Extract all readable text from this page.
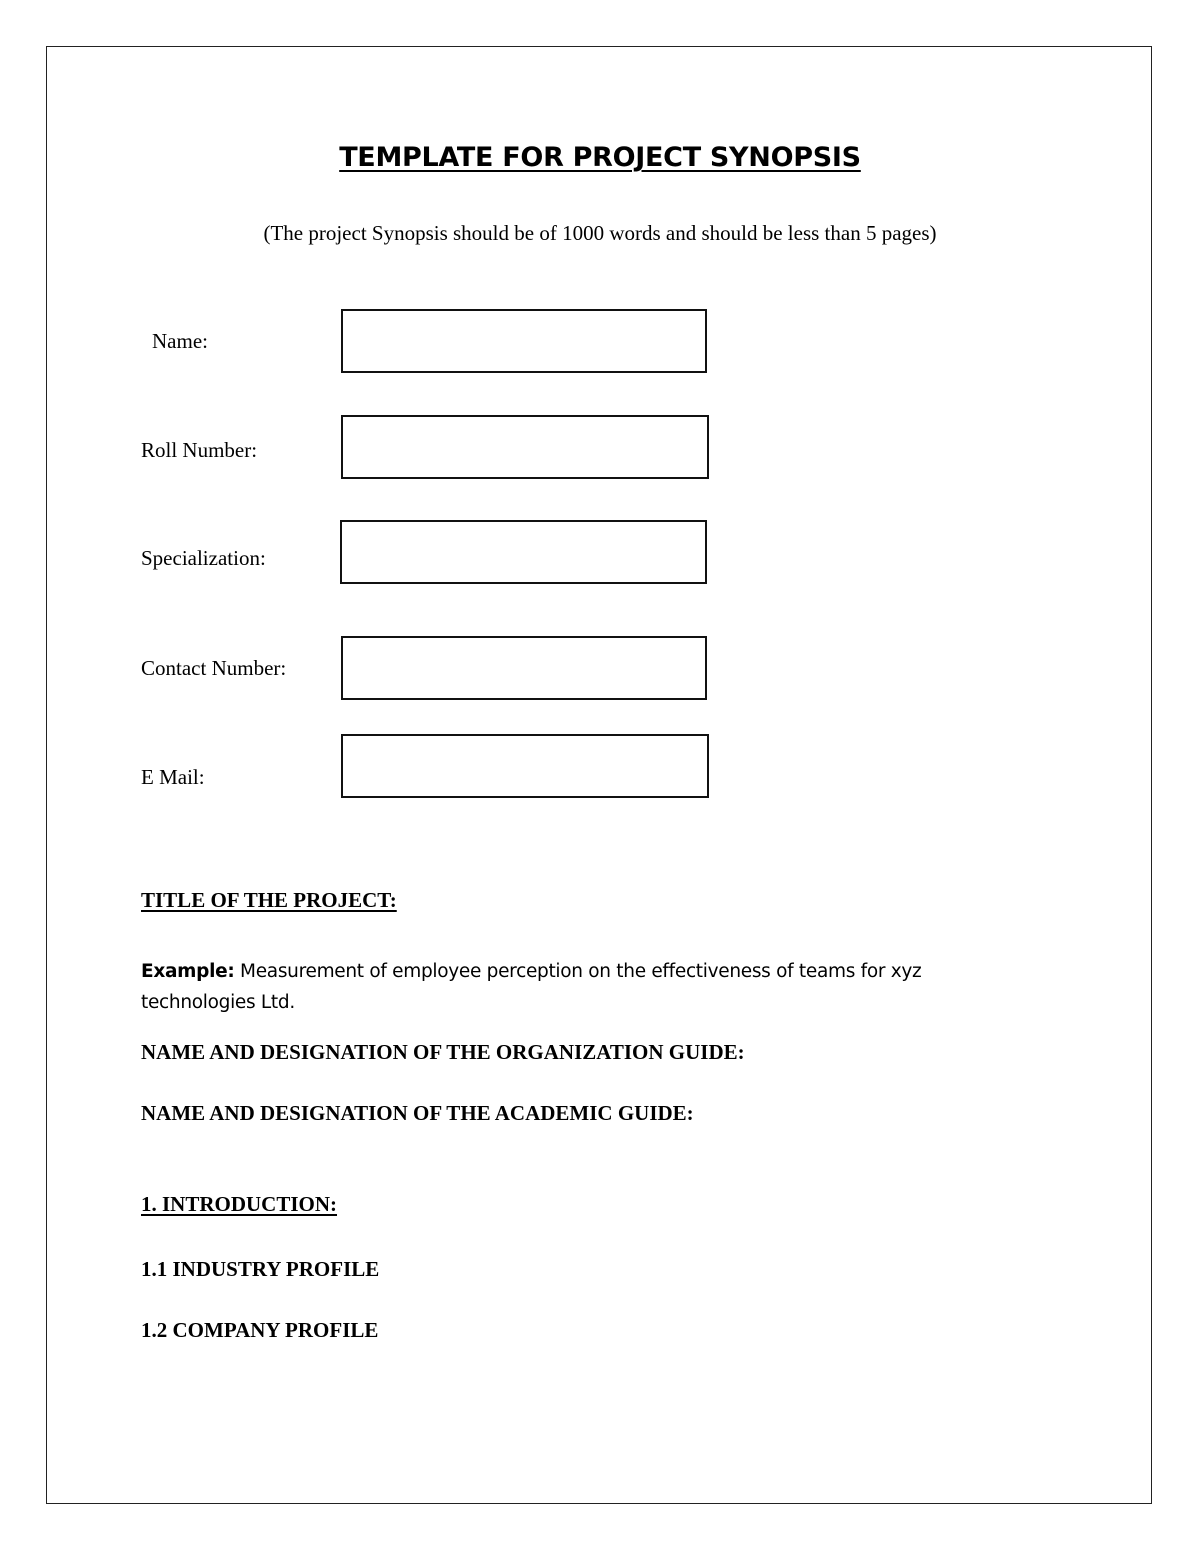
TEMPLATE FOR PROJECT SYNOPSIS
(The project Synopsis should be of 1000 words and should be less than 5 pages)
Name:
Roll Number:
Specialization:
Contact Number:
E Mail:
TITLE OF THE PROJECT:
Example: Measurement of employee perception on the effectiveness of teams for xyz technologies Ltd.
NAME AND DESIGNATION OF THE ORGANIZATION GUIDE:
NAME AND DESIGNATION OF THE ACADEMIC GUIDE:
1. INTRODUCTION:
1.1 INDUSTRY PROFILE
1.2 COMPANY PROFILE
